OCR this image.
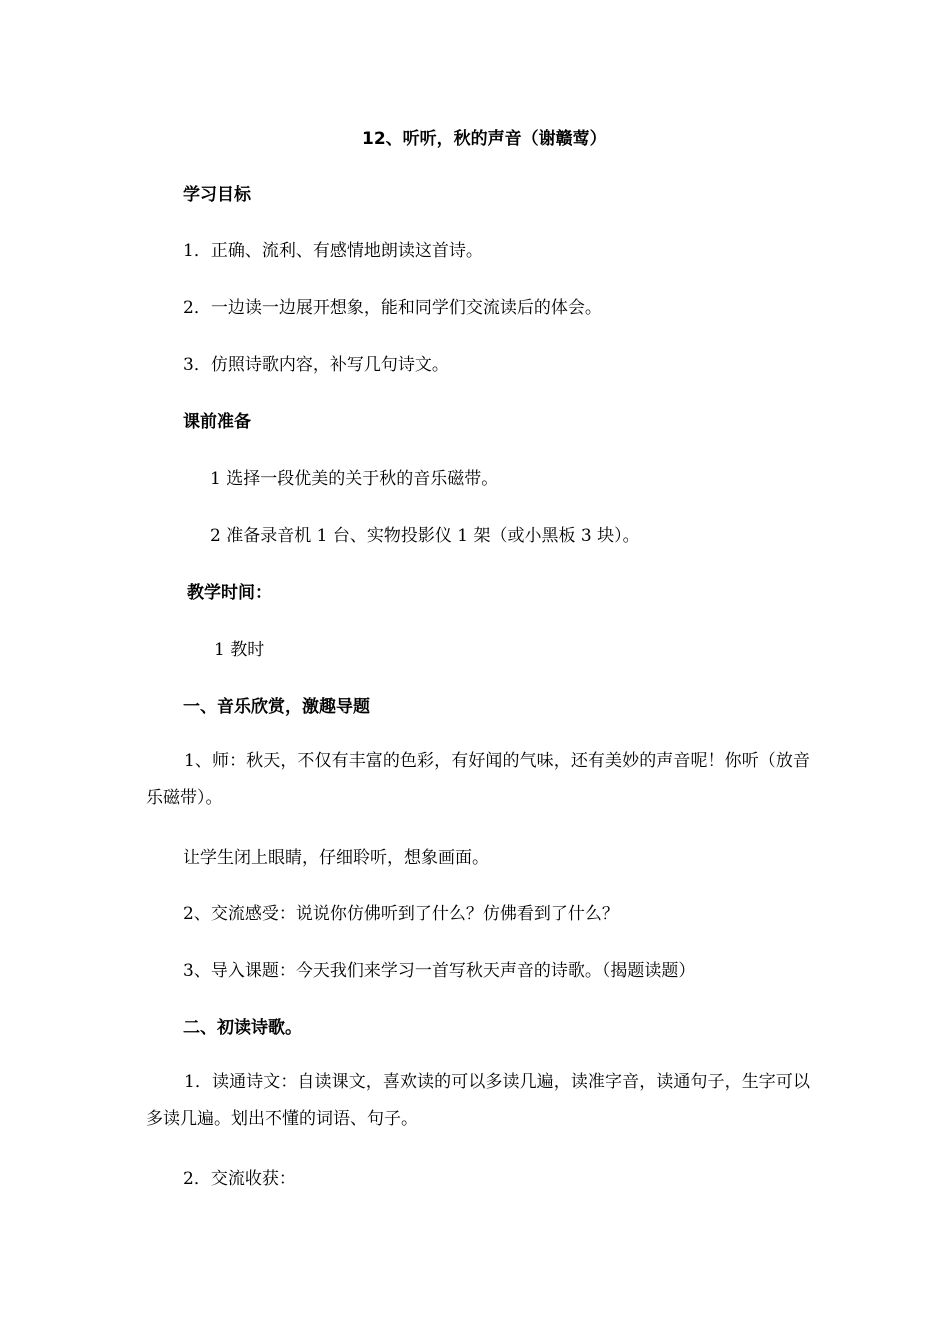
12、听听，秋的声音（谢赣莺）
学习目标
1．正确、流利、有感情地朗读这首诗。
2．一边读一边展开想象，能和同学们交流读后的体会。
3．仿照诗歌内容，补写几句诗文。
课前准备
1 选择一段优美的关于秋的音乐磁带。
2 准备录音机 1 台、实物投影仪 1 架（或小黑板 3 块）。
教学时间：
1 教时
一、音乐欣赏，激趣导题

1、师：秋天，不仅有丰富的色彩，有好闻的气味，还有美妙的声音呢！你听（放音乐磁带）。

让学生闭上眼睛，仔细聆听，想象画面。
2、交流感受：说说你仿佛听到了什么？仿佛看到了什么？
3、导入课题：今天我们来学习一首写秋天声音的诗歌。（揭题读题）
二、初读诗歌。

1．读通诗文：自读课文，喜欢读的可以多读几遍，读准字音，读通句子，生字可以多读几遍。划出不懂的词语、句子。

2．交流收获：
